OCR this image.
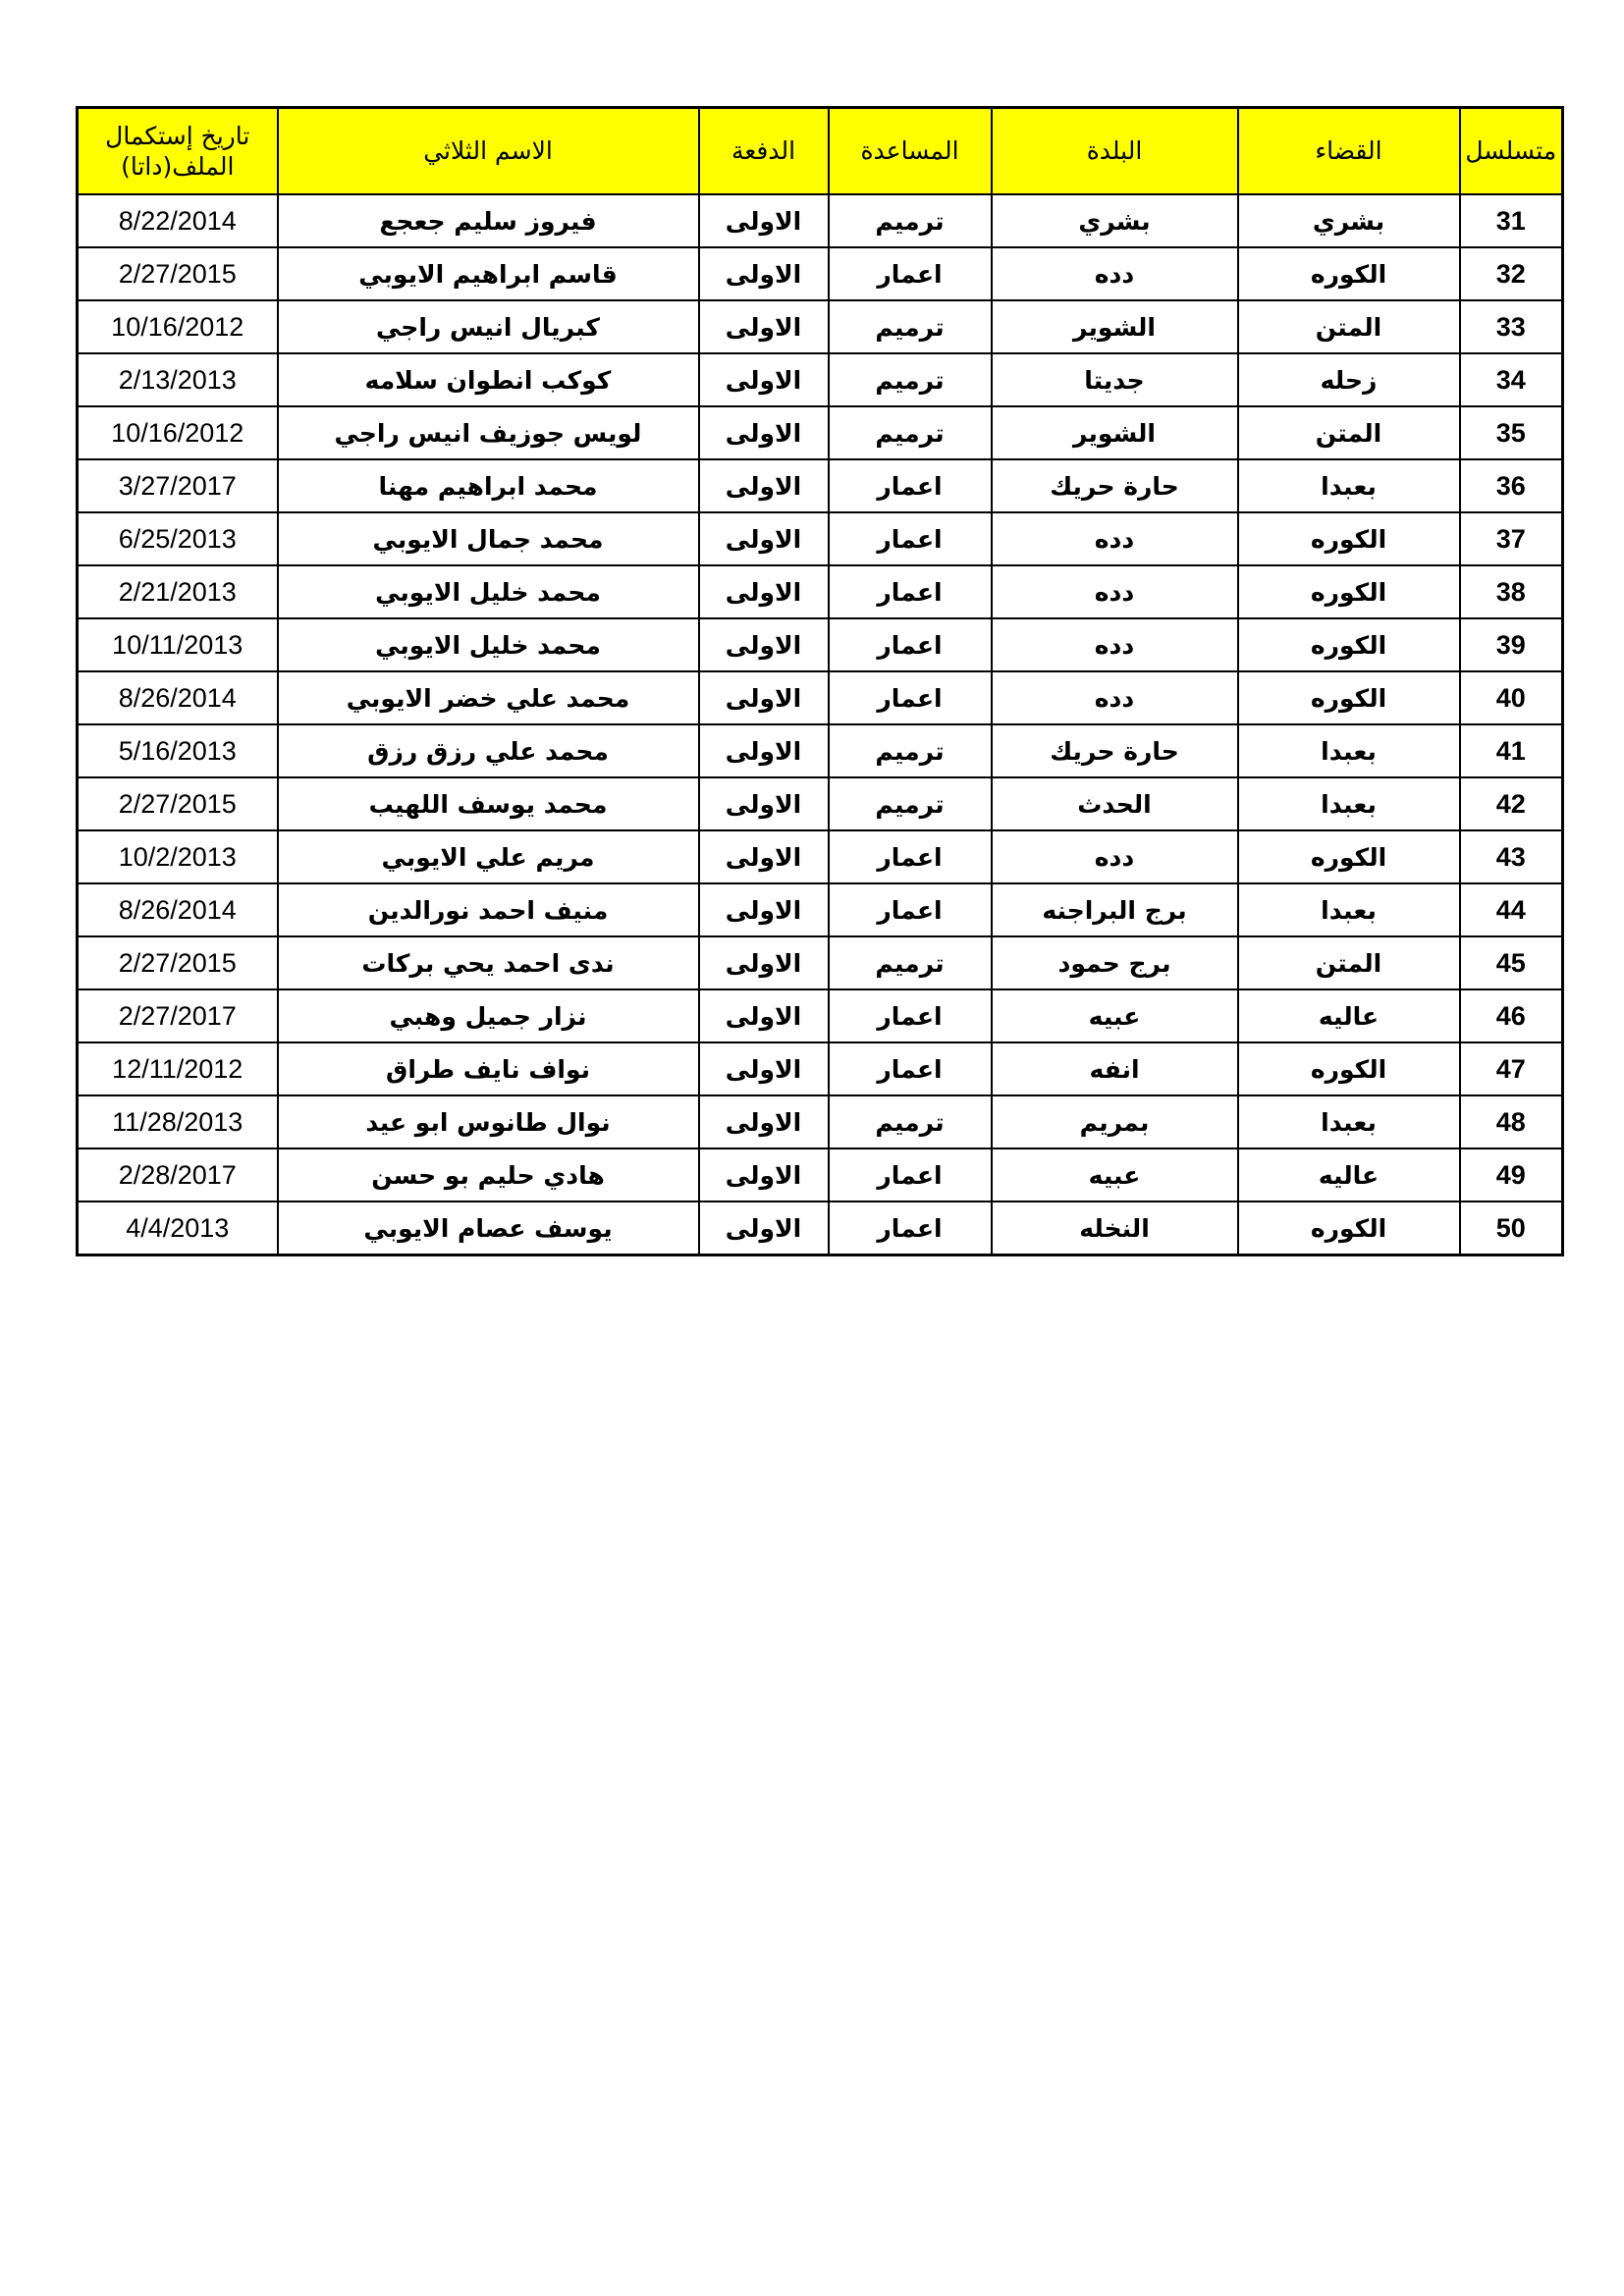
متسلسل	القضاء	البلدة	المساعدة	الدفعة	الاسم الثلاثي	تاريخ إستكمال الملف(داتا)
31	بشري	بشري	ترميم	الاولى	فيروز سليم جعجع	8/22/2014
32	الكوره	دده	اعمار	الاولى	قاسم ابراهيم الايوبي	2/27/2015
33	المتن	الشوير	ترميم	الاولى	كبريال انيس راجي	10/16/2012
34	زحله	جديتا	ترميم	الاولى	كوكب انطوان سلامه	2/13/2013
35	المتن	الشوير	ترميم	الاولى	لويس جوزيف انيس راجي	10/16/2012
36	بعبدا	حارة حريك	اعمار	الاولى	محمد ابراهيم مهنا	3/27/2017
37	الكوره	دده	اعمار	الاولى	محمد جمال الايوبي	6/25/2013
38	الكوره	دده	اعمار	الاولى	محمد خليل الايوبي	2/21/2013
39	الكوره	دده	اعمار	الاولى	محمد خليل الايوبي	10/11/2013
40	الكوره	دده	اعمار	الاولى	محمد علي خضر الايوبي	8/26/2014
41	بعبدا	حارة حريك	ترميم	الاولى	محمد علي رزق رزق	5/16/2013
42	بعبدا	الحدث	ترميم	الاولى	محمد يوسف اللهيب	2/27/2015
43	الكوره	دده	اعمار	الاولى	مريم علي الايوبي	10/2/2013
44	بعبدا	برج البراجنه	اعمار	الاولى	منيف احمد نورالدين	8/26/2014
45	المتن	برج حمود	ترميم	الاولى	ندى احمد يحي بركات	2/27/2015
46	عاليه	عبيه	اعمار	الاولى	نزار جميل وهبي	2/27/2017
47	الكوره	انفه	اعمار	الاولى	نواف نايف طراق	12/11/2012
48	بعبدا	بمريم	ترميم	الاولى	نوال طانوس ابو عيد	11/28/2013
49	عاليه	عبيه	اعمار	الاولى	هادي حليم بو حسن	2/28/2017
50	الكوره	النخله	اعمار	الاولى	يوسف عصام الايوبي	4/4/2013
